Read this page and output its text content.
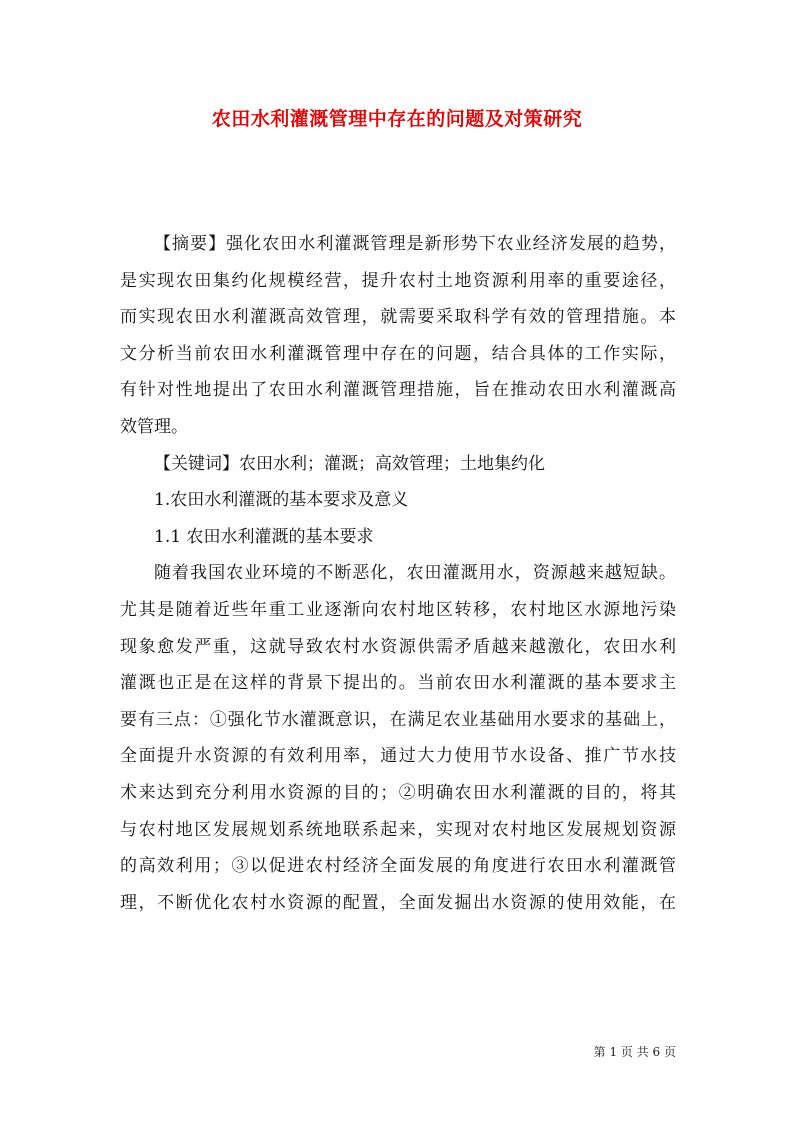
农田水利灌溉管理中存在的问题及对策研究
【摘要】强化农田水利灌溉管理是新形势下农业经济发展的趋势，
是实现农田集约化规模经营，提升农村土地资源利用率的重要途径，
而实现农田水利灌溉高效管理，就需要采取科学有效的管理措施。本
文分析当前农田水利灌溉管理中存在的问题，结合具体的工作实际，
有针对性地提出了农田水利灌溉管理措施，旨在推动农田水利灌溉高
效管理。
【关键词】农田水利；灌溉；高效管理；土地集约化
1.农田水利灌溉的基本要求及意义
1.1 农田水利灌溉的基本要求
随着我国农业环境的不断恶化，农田灌溉用水，资源越来越短缺。
尤其是随着近些年重工业逐渐向农村地区转移，农村地区水源地污染
现象愈发严重，这就导致农村水资源供需矛盾越来越激化，农田水利
灌溉也正是在这样的背景下提出的。当前农田水利灌溉的基本要求主
要有三点：①强化节水灌溉意识，在满足农业基础用水要求的基础上，
全面提升水资源的有效利用率，通过大力使用节水设备、推广节水技
术来达到充分利用水资源的目的；②明确农田水利灌溉的目的，将其
与农村地区发展规划系统地联系起来，实现对农村地区发展规划资源
的高效利用；③以促进农村经济全面发展的角度进行农田水利灌溉管
理，不断优化农村水资源的配置，全面发掘出水资源的使用效能，在
第 1 页 共 6 页
